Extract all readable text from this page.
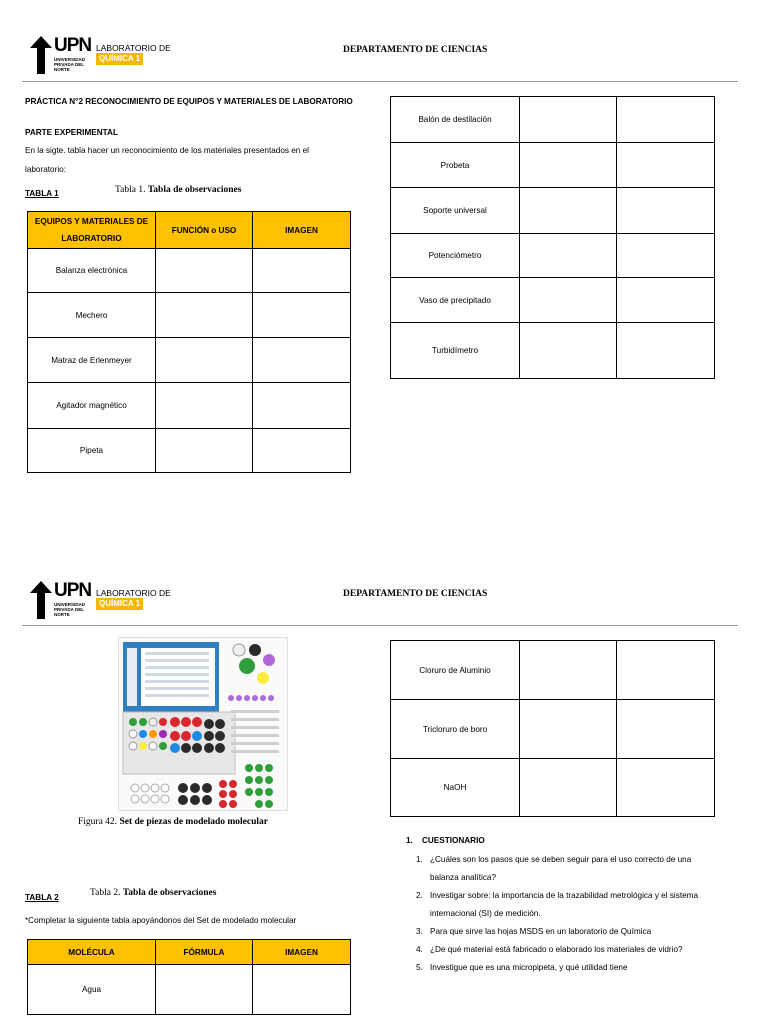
UPN
UNIVERSIDAD PRIVADA DEL NORTE
LABORATORIO DE
QUÍMICA 1
DEPARTAMENTO DE CIENCIAS
PRÁCTICA N°2 RECONOCIMIENTO DE EQUIPOS Y MATERIALES DE LABORATORIO
PARTE EXPERIMENTAL
En la sigte. tabla hacer un reconocimiento de los materiales presentados en el
laboratorio:
TABLA 1	Tabla 1. Tabla de observaciones
EQUIPOS Y MATERIALES DE LABORATORIO	FUNCIÓN o USO	IMAGEN
Balanza electrónica		
Mechero		
Matraz de Erlenmeyer		
Agitador magnético		
Pipeta		
Balón de destilación		
Probeta		
Soporte universal		
Potenciómetro		
Vaso de precipitado		
Turbidímetro		
UPN
UNIVERSIDAD PRIVADA DEL NORTE
LABORATORIO DE
QUÍMICA 1
DEPARTAMENTO DE CIENCIAS
Figura 42. Set de piezas de modelado molecular
TABLA 2	Tabla 2. Tabla de observaciones
*Completar la siguiente tabla apoyándonos del Set de modelado molecular
MOLÉCULA	FÓRMULA	IMAGEN
Agua		
Cloruro de Aluminio		
Tricloruro de boro		
NaOH		
1. CUESTIONARIO
1. ¿Cuáles son los pasos que se deben seguir para el uso correcto de una
balanza analítica?
2. Investigar sobre: la importancia de la trazabilidad metrológica y el sistema
internacional (SI) de medición.
3. Para que sirve las hojas MSDS en un laboratorio de Química
4. ¿De qué material está fabricado o elaborado los materiales de vidrio?
5. Investigue que es una micropipeta, y qué utilidad tiene
